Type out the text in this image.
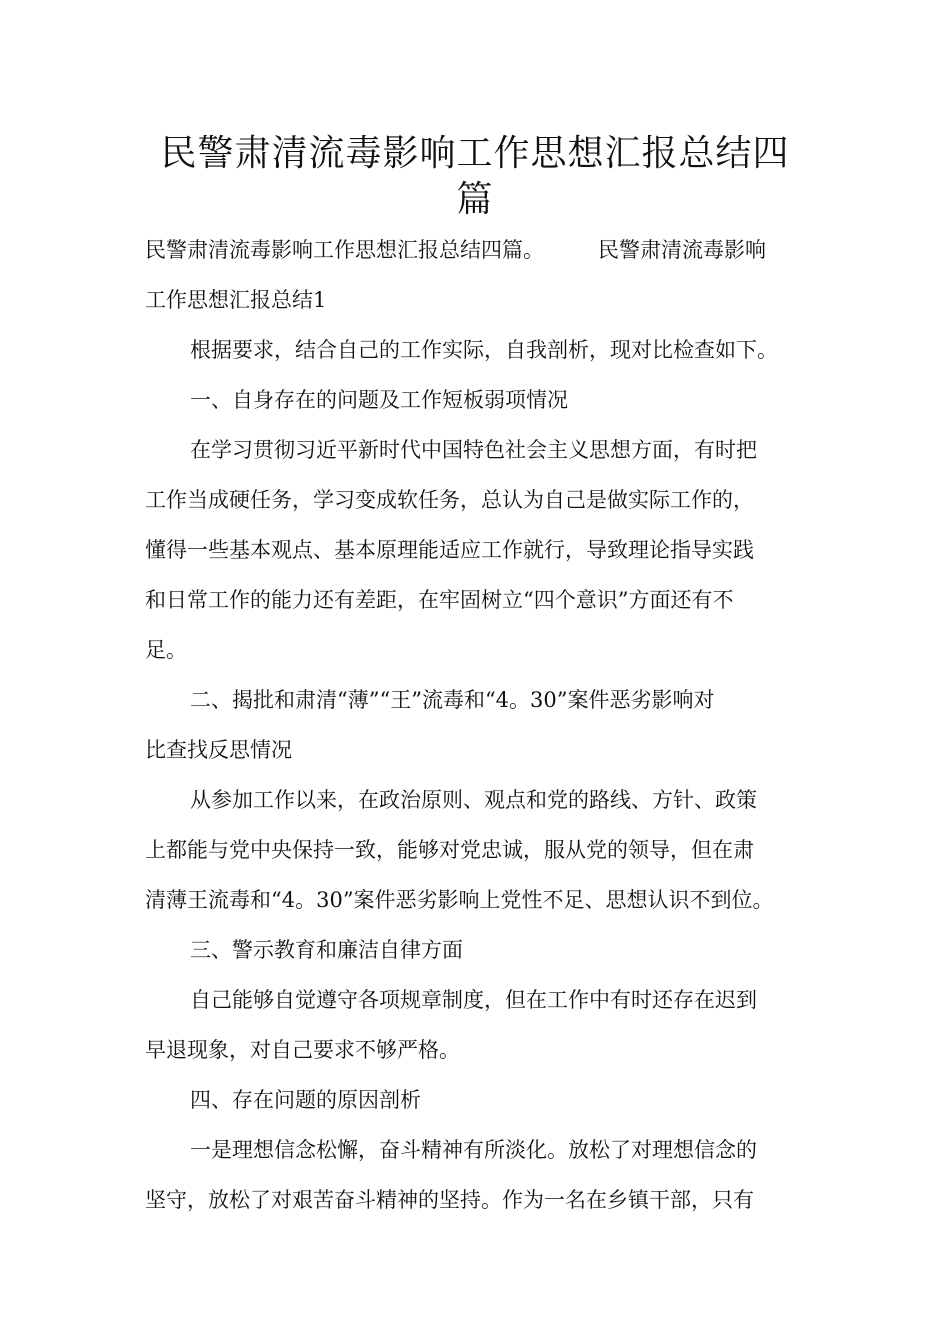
民警肃清流毒影响工作思想汇报总结四
篇

民警肃清流毒影响工作思想汇报总结四篇。	民警肃清流毒影响

工作思想汇报总结1

根据要求，结合自己的工作实际，自我剖析，现对比检查如下。

一、自身存在的问题及工作短板弱项情况

在学习贯彻习近平新时代中国特色社会主义思想方面，有时把

工作当成硬任务，学习变成软任务，总认为自己是做实际工作的，

懂得一些基本观点、基本原理能适应工作就行，导致理论指导实践

和日常工作的能力还有差距，在牢固树立“四个意识”方面还有不

足。

二、揭批和肃清“薄”“王”流毒和“4。30”案件恶劣影响对

比查找反思情况

从参加工作以来，在政治原则、观点和党的路线、方针、政策

上都能与党中央保持一致，能够对党忠诚，服从党的领导，但在肃

清薄王流毒和“4。30”案件恶劣影响上党性不足、思想认识不到位。

三、警示教育和廉洁自律方面

自己能够自觉遵守各项规章制度，但在工作中有时还存在迟到

早退现象，对自己要求不够严格。

四、存在问题的原因剖析

一是理想信念松懈，奋斗精神有所淡化。放松了对理想信念的

坚守，放松了对艰苦奋斗精神的坚持。作为一名在乡镇干部，只有
